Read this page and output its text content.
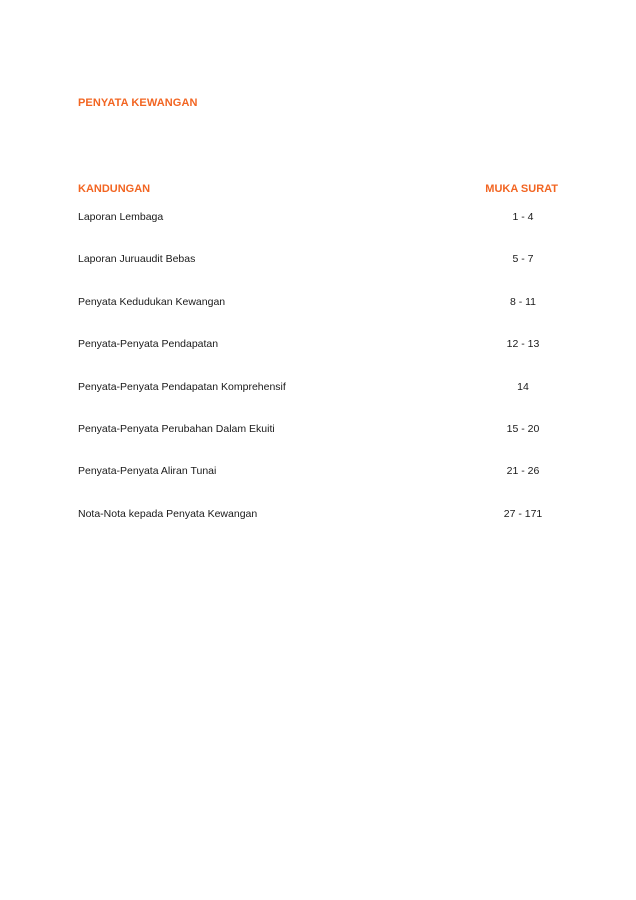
PENYATA KEWANGAN
KANDUNGAN	MUKA SURAT
Laporan Lembaga	1 - 4
Laporan Juruaudit Bebas	5 - 7
Penyata Kedudukan Kewangan	8 - 11
Penyata-Penyata Pendapatan	12 - 13
Penyata-Penyata Pendapatan Komprehensif	14
Penyata-Penyata Perubahan Dalam Ekuiti	15 - 20
Penyata-Penyata Aliran Tunai	21 - 26
Nota-Nota kepada Penyata Kewangan	27 - 171
